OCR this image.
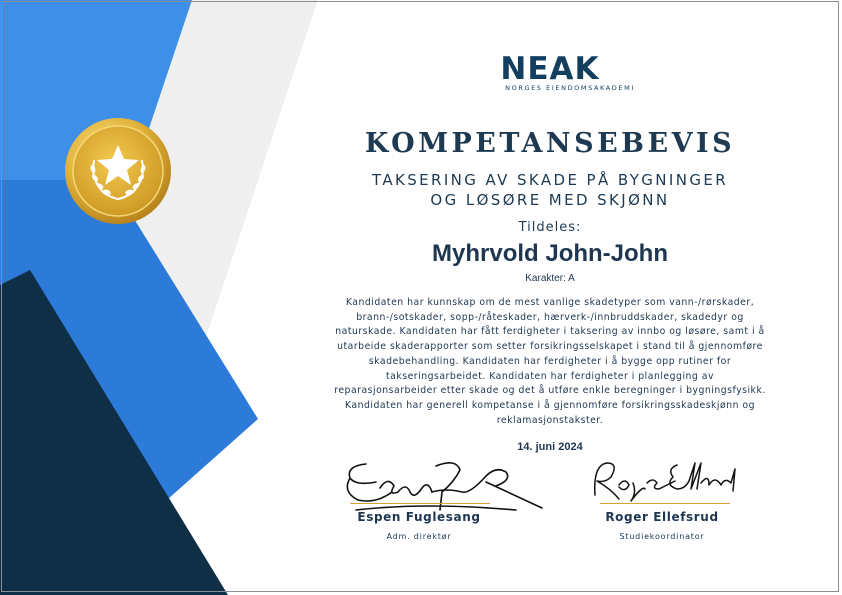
NEAK
NORGES EIENDOMSAKADEMI
KOMPETANSEBEVIS
TAKSERING AV SKADE PÅ BYGNINGER
OG LØSØRE MED SKJØNN
Tildeles:
Myhrvold John-John
Karakter: A

Kandidaten har kunnskap om de mest vanlige skadetyper som vann-/rørskader,

brann-/sotskader, sopp-/råteskader, hærverk-/innbruddskader, skadedyr og

naturskade. Kandidaten har fått ferdigheter i taksering av innbo og løsøre, samt i å

utarbeide skaderapporter som setter forsikringsselskapet i stand til å gjennomføre

skadebehandling. Kandidaten har ferdigheter i å bygge opp rutiner for

takseringsarbeidet. Kandidaten har ferdigheter i planlegging av

reparasjonsarbeider etter skade og det å utføre enkle beregninger i bygningsfysikk.

Kandidaten har generell kompetanse i å gjennomføre forsikringsskadeskjønn og

reklamasjonstakster.

14. juni 2024
Espen Fuglesang
Adm. direktør
Roger Ellefsrud
Studiekoordinator
